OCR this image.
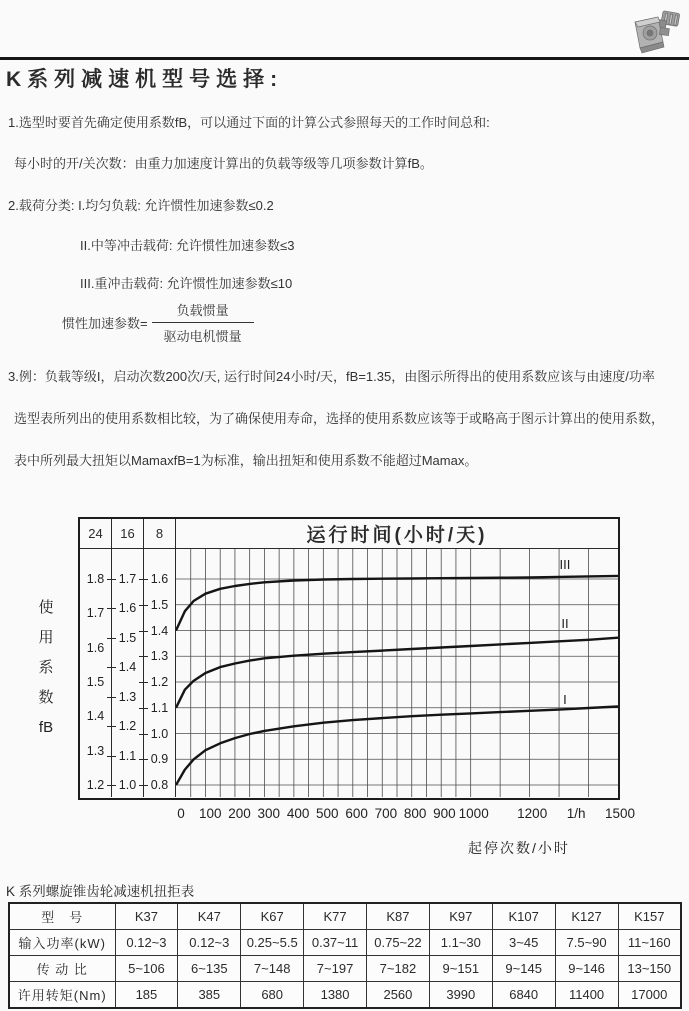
K系列减速机型号选择:

1.选型时要首先确定使用系数fB，可以通过下面的计算公式参照每天的工作时间总和:

每小时的开/关次数：由重力加速度计算出的负载等级等几项参数计算fB。

2.载荷分类: I.均匀负载: 允许惯性加速参数≤0.2

II.中等冲击载荷: 允许惯性加速参数≤3

III.重冲击载荷: 允许惯性加速参数≤10

惯性加速参数= $\frac{\text{负载惯量}}{\text{驱动电机惯量}}$

3.例：负载等级I，启动次数200次/天, 运行时间24小时/天，fB=1.35，由图示所得出的使用系数应该与由速度/功率

选型表所列出的使用系数相比较，为了确保使用寿命，选择的使用系数应该等于或略高于图示计算出的使用系数，

表中所列最大扭矩以MamaxfB=1为标准，输出扭矩和使用系数不能超过Mamax。

使
用
系
数
fB
24	16	8	运行时间(小时/天)
1.8
1.7
1.6
1.5
1.4
1.3
1.2
1.7
1.6
1.5
1.4
1.3
1.2
1.1
1.0
1.6
1.5
1.4
1.3
1.2
1.1
1.0
0.9
0.8
III
II
I
0 100 200 300 400 500 600 700 800 900 1000 1200 1/h 1500
起停次数/小时
K 系列螺旋锥齿轮减速机扭拒表
型　号	K37	K47	K67	K77	K87	K97	K107	K127	K157
输入功率(kW)	0.12~3	0.12~3	0.25~5.5	0.37~11	0.75~22	1.1~30	3~45	7.5~90	11~160
传 动 比	5~106	6~135	7~148	7~197	7~182	9~151	9~145	9~146	13~150
许用转矩(Nm)	185	385	680	1380	2560	3990	6840	11400	17000
